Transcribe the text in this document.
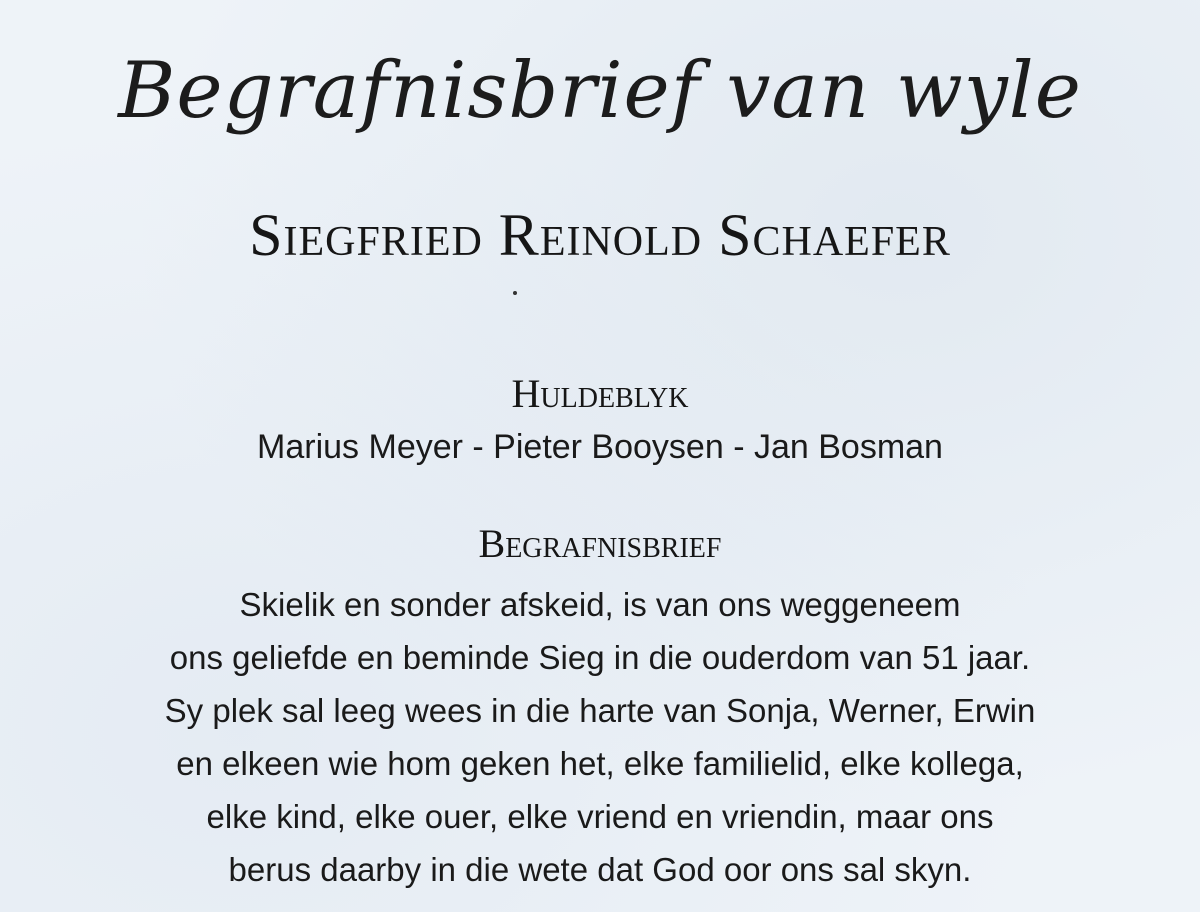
Begrafnisbrief van wyle
Siegfried Reinold Schaefer
Huldeblyk
Marius Meyer - Pieter Booysen - Jan Bosman
Begrafnisbrief
Skielik en sonder afskeid, is van ons weggeneem
ons geliefde en beminde Sieg in die ouderdom van 51 jaar.
Sy plek sal leeg wees in die harte van Sonja, Werner, Erwin
en elkeen wie hom geken het, elke familielid, elke kollega,
elke kind, elke ouer, elke vriend en vriendin, maar ons
berus daarby in die wete dat God oor ons sal skyn.
